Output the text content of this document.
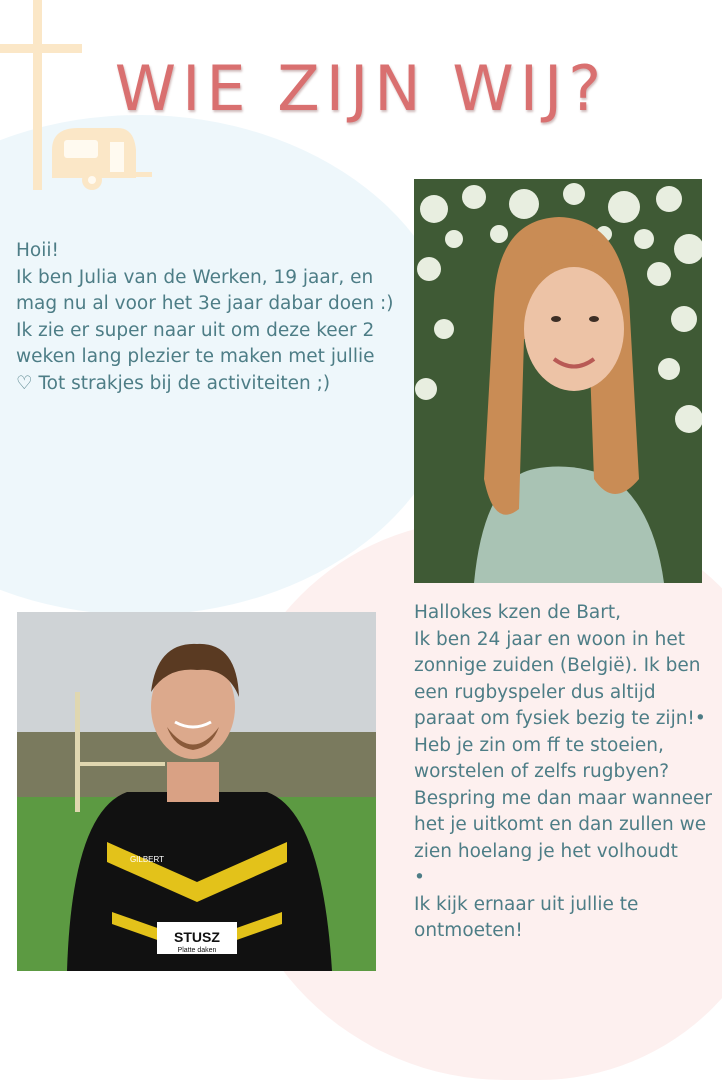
WIE ZIJN WIJ?
Hoii!
Ik ben Julia van de Werken, 19 jaar, en mag nu al voor het 3e jaar dabar doen :) Ik zie er super naar uit om deze keer 2 weken lang plezier te maken met jullie ♡ Tot strakjes bij de activiteiten ;)
STUSZ
Platte daken
GILBERT
Hallokes kzen de Bart,
Ik ben 24 jaar en woon in het zonnige zuiden (België). Ik ben een rugbyspeler dus altijd paraat om fysiek bezig te zijn!• Heb je zin om ff te stoeien, worstelen of zelfs rugbyen? Bespring me dan maar wanneer het je uitkomt en dan zullen we zien hoelang je het volhoudt
•
Ik kijk ernaar uit jullie te ontmoeten!
